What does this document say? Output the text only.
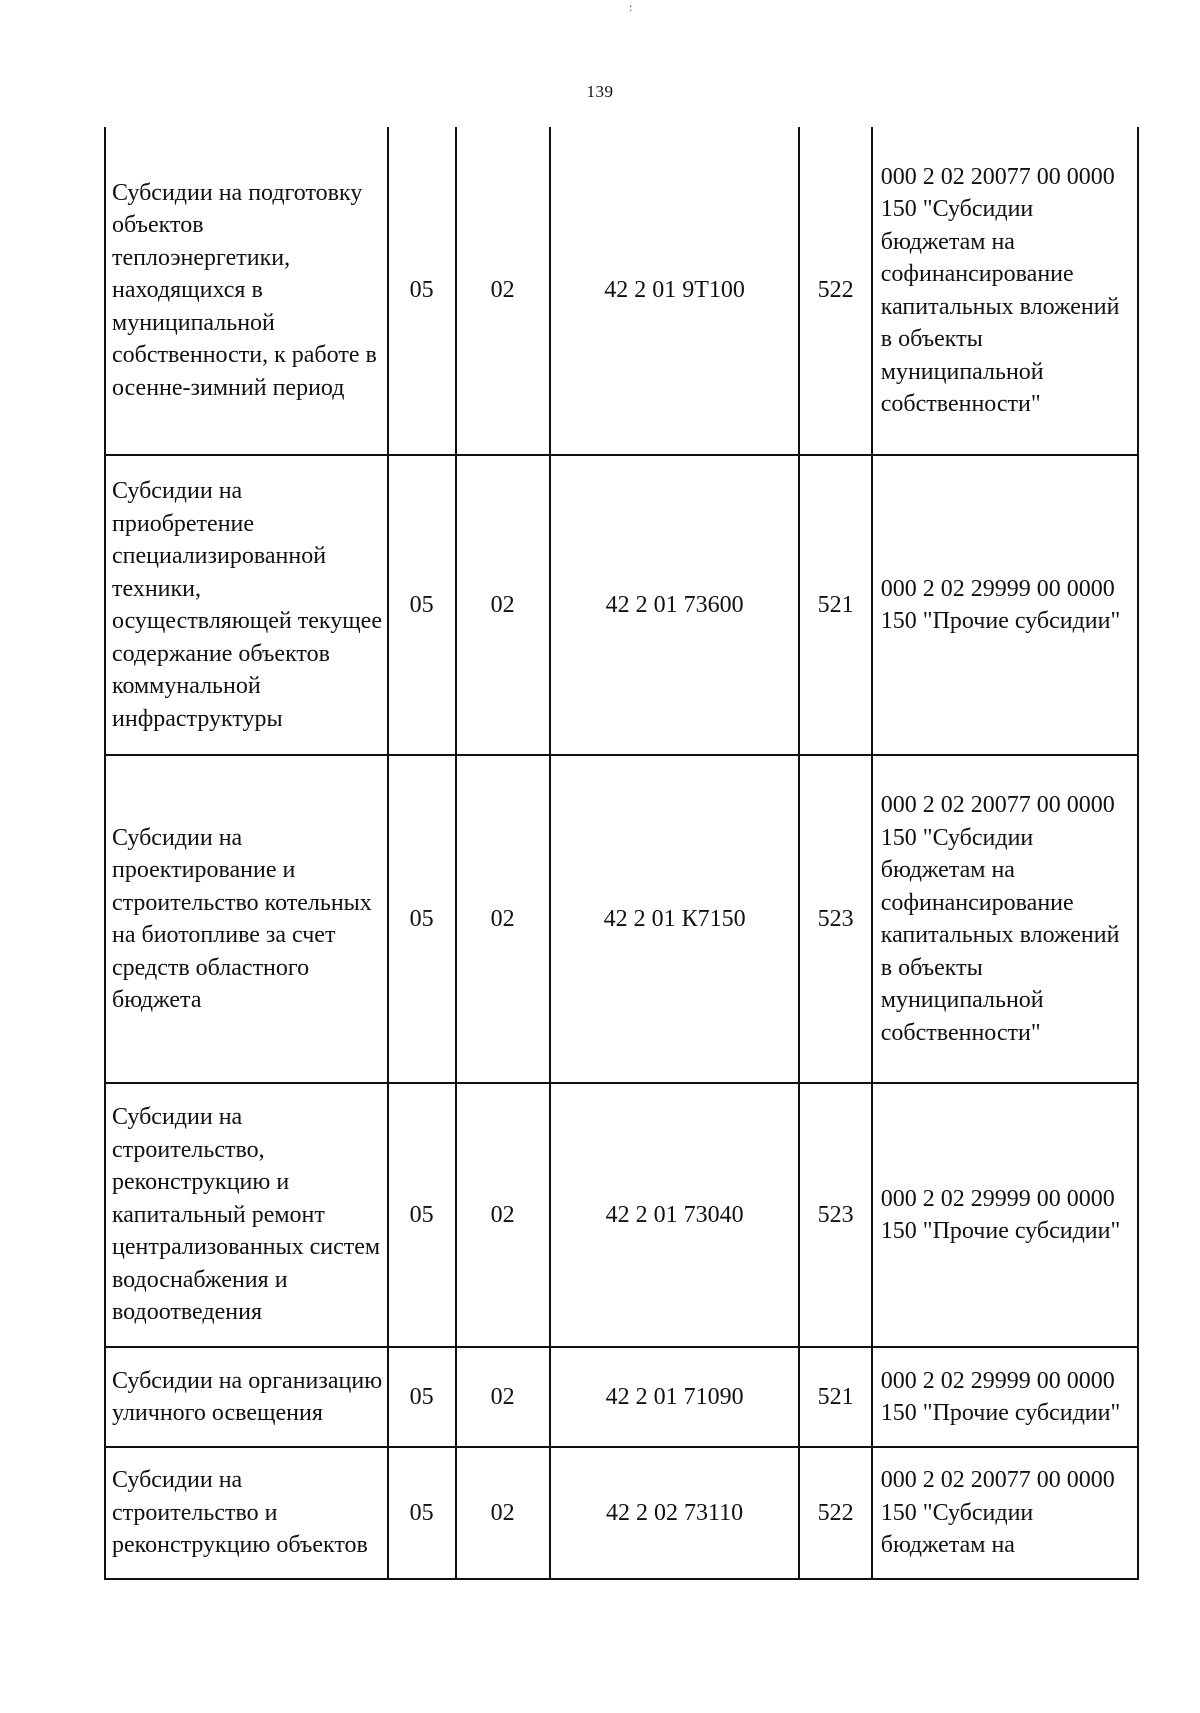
:
139
Субсидии на подготовку объектов теплоэнергетики, находящихся в муниципальной собственности, к работе в осенне-зимний период	05	02	42 2 01 9Т100	522	000 2 02 20077 00 0000 150 "Субсидии бюджетам на софинансирование капитальных вложений в объекты муниципальной собственности"
Субсидии на приобретение специализированной техники, осуществляющей текущее содержание объектов коммунальной инфраструктуры	05	02	42 2 01 73600	521	000 2 02 29999 00 0000 150 "Прочие субсидии"
Субсидии на проектирование и строительство котельных на биотопливе за счет средств областного бюджета	05	02	42 2 01 К7150	523	000 2 02 20077 00 0000 150 "Субсидии бюджетам на софинансирование капитальных вложений в объекты муниципальной собственности"
Субсидии на строительство, реконструкцию и капитальный ремонт централизованных систем водоснабжения и водоотведения	05	02	42 2 01 73040	523	000 2 02 29999 00 0000 150 "Прочие субсидии"
Субсидии на организацию уличного освещения	05	02	42 2 01 71090	521	000 2 02 29999 00 0000 150 "Прочие субсидии"
Субсидии на строительство и реконструкцию объектов	05	02	42 2 02 73110	522	000 2 02 20077 00 0000 150 "Субсидии бюджетам на
